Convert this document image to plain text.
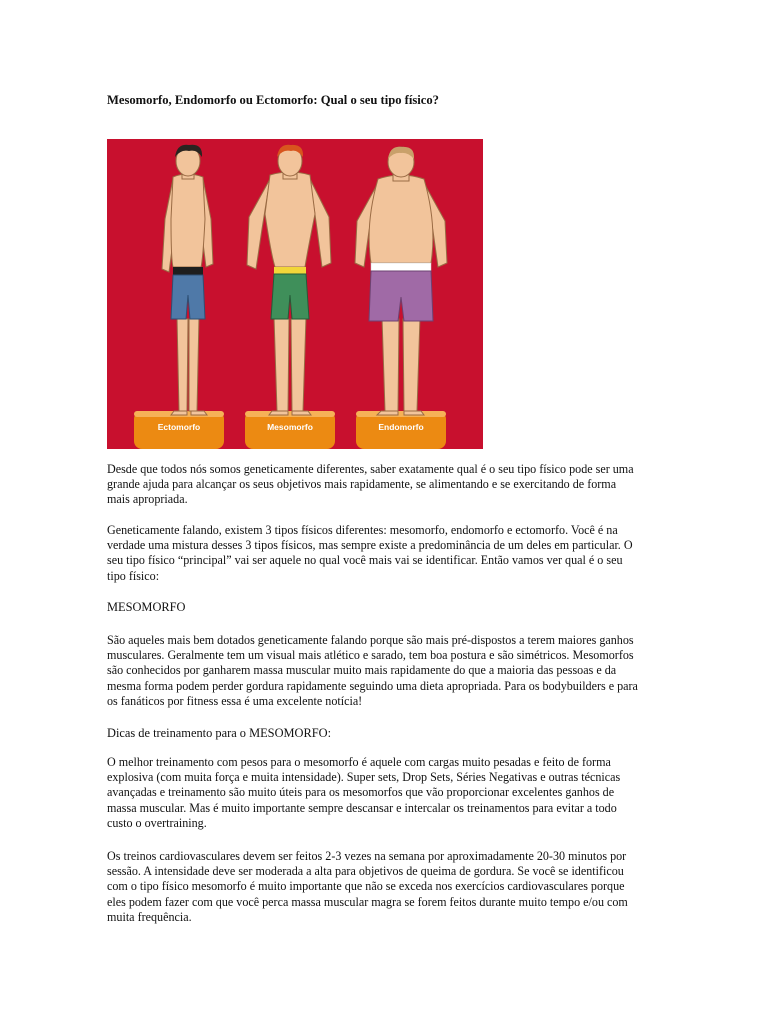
Mesomorfo, Endomorfo ou Ectomorfo: Qual o seu tipo físico?
Ectomorfo	Mesomorfo	Endomorfo
Desde que todos nós somos geneticamente diferentes, saber exatamente qual é o seu tipo físico pode ser uma
grande ajuda para alcançar os seus objetivos mais rapidamente, se alimentando e se exercitando de forma
mais apropriada.
Geneticamente falando, existem 3 tipos físicos diferentes: mesomorfo, endomorfo e ectomorfo. Você é na
verdade uma mistura desses 3 tipos físicos, mas sempre existe a predominância de um deles em particular. O
seu tipo físico “principal” vai ser aquele no qual você mais vai se identificar. Então vamos ver qual é o seu
tipo físico:
MESOMORFO
São aqueles mais bem dotados geneticamente falando porque são mais pré-dispostos a terem maiores ganhos
musculares. Geralmente tem um visual mais atlético e sarado, tem boa postura e são simétricos. Mesomorfos
são conhecidos por ganharem massa muscular muito mais rapidamente do que a maioria das pessoas e da
mesma forma podem perder gordura rapidamente seguindo uma dieta apropriada. Para os bodybuilders e para
os fanáticos por fitness essa é uma excelente notícia!
Dicas de treinamento para o MESOMORFO:
O melhor treinamento com pesos para o mesomorfo é aquele com cargas muito pesadas e feito de forma
explosiva (com muita força e muita intensidade). Super sets, Drop Sets, Séries Negativas e outras técnicas
avançadas e treinamento são muito úteis para os mesomorfos que vão proporcionar excelentes ganhos de
massa muscular. Mas é muito importante sempre descansar e intercalar os treinamentos para evitar a todo
custo o overtraining.
Os treinos cardiovasculares devem ser feitos 2-3 vezes na semana por aproximadamente 20-30 minutos por
sessão. A intensidade deve ser moderada a alta para objetivos de queima de gordura. Se você se identificou
com o tipo físico mesomorfo é muito importante que não se exceda nos exercícios cardiovasculares porque
eles podem fazer com que você perca massa muscular magra se forem feitos durante muito tempo e/ou com
muita frequência.
